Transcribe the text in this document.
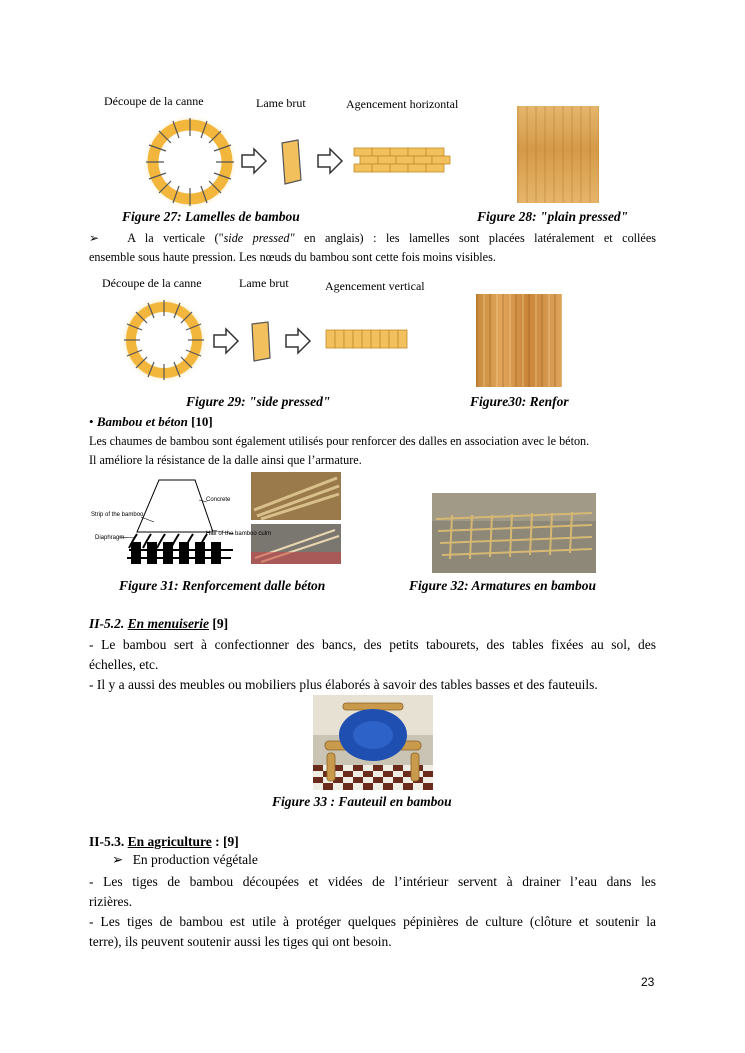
Découpe de la canne	Lame brut	Agencement horizontal
Figure 27: Lamelles de bambou	Figure 28: "plain pressed"
➢ A la verticale ("side pressed" en anglais) : les lamelles sont placées latéralement et collées
ensemble sous haute pression. Les nœuds du bambou sont cette fois moins visibles.
Découpe de la canne	Lame brut	Agencement vertical
Figure 29: "side pressed"	Figure30: Renfor
• Bambou et béton [10]
Les chaumes de bambou sont également utilisés pour renforcer des dalles en association avec le béton.
Il améliore la résistance de la dalle ainsi que l’armature.
Concrete
Strip of the bamboo
Half of the bamboo culm
Diaphragm
Figure 31: Renforcement dalle béton	Figure 32: Armatures en bambou
II-5.2. En menuiserie [9]
- Le bambou sert à confectionner des bancs, des petits tabourets, des tables fixées au sol, des
échelles, etc.
- Il y a aussi des meubles ou mobiliers plus élaborés à savoir des tables basses et des fauteuils.
Figure 33 : Fauteuil en bambou
II-5.3. En agriculture : [9]
➢ En production végétale
- Les tiges de bambou découpées et vidées de l’intérieur servent à drainer l’eau dans les
rizières.
- Les tiges de bambou est utile à protéger quelques pépinières de culture (clôture et soutenir la
terre), ils peuvent soutenir aussi les tiges qui ont besoin.
23
